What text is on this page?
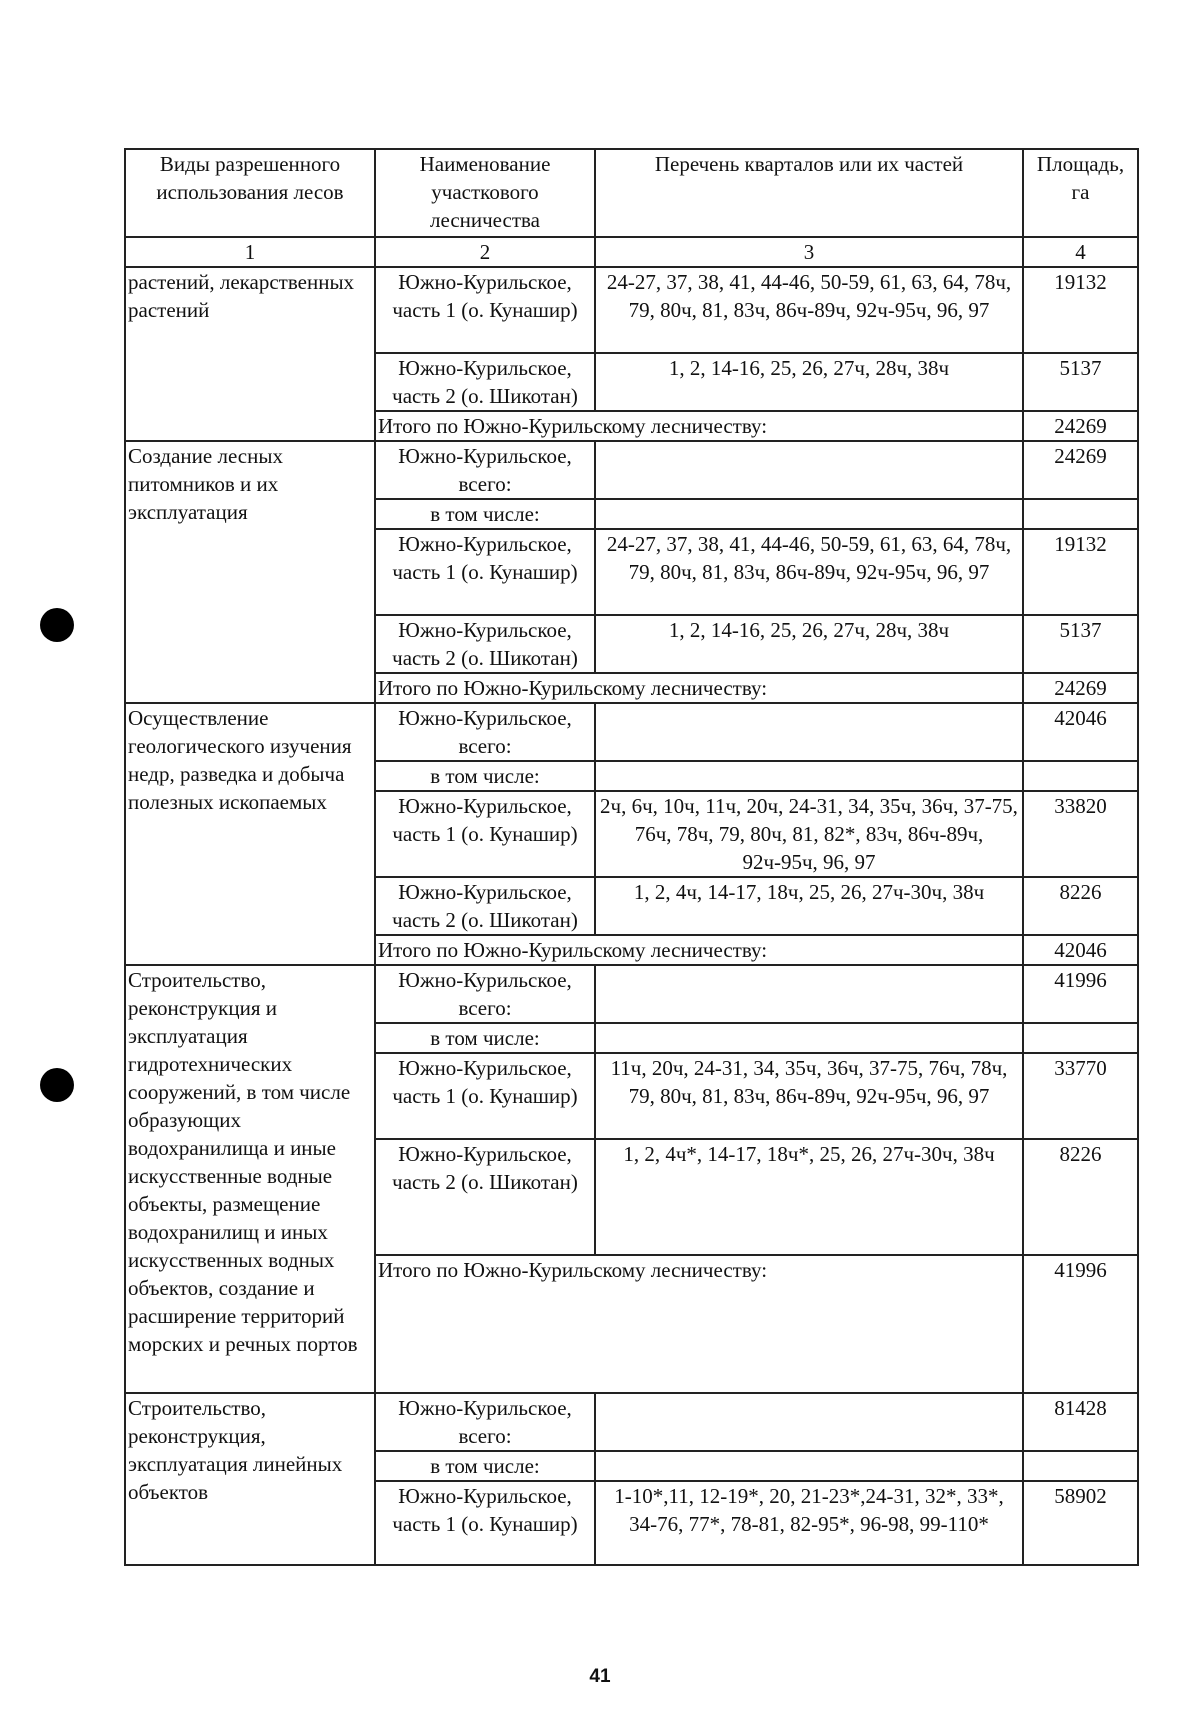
Виды разрешенного использования лесов	Наименование участкового лесничества	Перечень кварталов или их частей	Площадь, га
1	2	3	4
растений, лекарственных растений	Южно-Курильское, часть 1 (о. Кунашир)	24-27, 37, 38, 41, 44-46, 50-59, 61, 63, 64, 78ч, 79, 80ч, 81, 83ч, 86ч-89ч, 92ч-95ч, 96, 97	19132
	Южно-Курильское, часть 2 (о. Шикотан)	1, 2, 14-16, 25, 26, 27ч, 28ч, 38ч	5137
	Итого по Южно-Курильскому лесничеству:		24269
Создание лесных питомников и их эксплуатация	Южно-Курильское, всего:		24269
	в том числе:		
	Южно-Курильское, часть 1 (о. Кунашир)	24-27, 37, 38, 41, 44-46, 50-59, 61, 63, 64, 78ч, 79, 80ч, 81, 83ч, 86ч-89ч, 92ч-95ч, 96, 97	19132
	Южно-Курильское, часть 2 (о. Шикотан)	1, 2, 14-16, 25, 26, 27ч, 28ч, 38ч	5137
	Итого по Южно-Курильскому лесничеству:		24269
Осуществление геологического изучения недр, разведка и добыча полезных ископаемых	Южно-Курильское, всего:		42046
	в том числе:		
	Южно-Курильское, часть 1 (о. Кунашир)	2ч, 6ч, 10ч, 11ч, 20ч, 24-31, 34, 35ч, 36ч, 37-75, 76ч, 78ч, 79, 80ч, 81, 82*, 83ч, 86ч-89ч, 92ч-95ч, 96, 97	33820
	Южно-Курильское, часть 2 (о. Шикотан)	1, 2, 4ч, 14-17, 18ч, 25, 26, 27ч-30ч, 38ч	8226
	Итого по Южно-Курильскому лесничеству:		42046
Строительство, реконструкция и эксплуатация гидротехнических сооружений, в том числе образующих водохранилища и иные искусственные водные объекты, размещение водохранилищ и иных искусственных водных объектов, создание и расширение территорий морских и речных портов	Южно-Курильское, всего:		41996
	в том числе:		
	Южно-Курильское, часть 1 (о. Кунашир)	11ч, 20ч, 24-31, 34, 35ч, 36ч, 37-75, 76ч, 78ч, 79, 80ч, 81, 83ч, 86ч-89ч, 92ч-95ч, 96, 97	33770
	Южно-Курильское, часть 2 (о. Шикотан)	1, 2, 4ч*, 14-17, 18ч*, 25, 26, 27ч-30ч, 38ч	8226
	Итого по Южно-Курильскому лесничеству:		41996
Строительство, реконструкция, эксплуатация линейных объектов	Южно-Курильское, всего:		81428
	в том числе:		
	Южно-Курильское, часть 1 (о. Кунашир)	1-10*,11, 12-19*, 20, 21-23*,24-31, 32*, 33*, 34-76, 77*, 78-81, 82-95*, 96-98, 99-110*	58902
41
